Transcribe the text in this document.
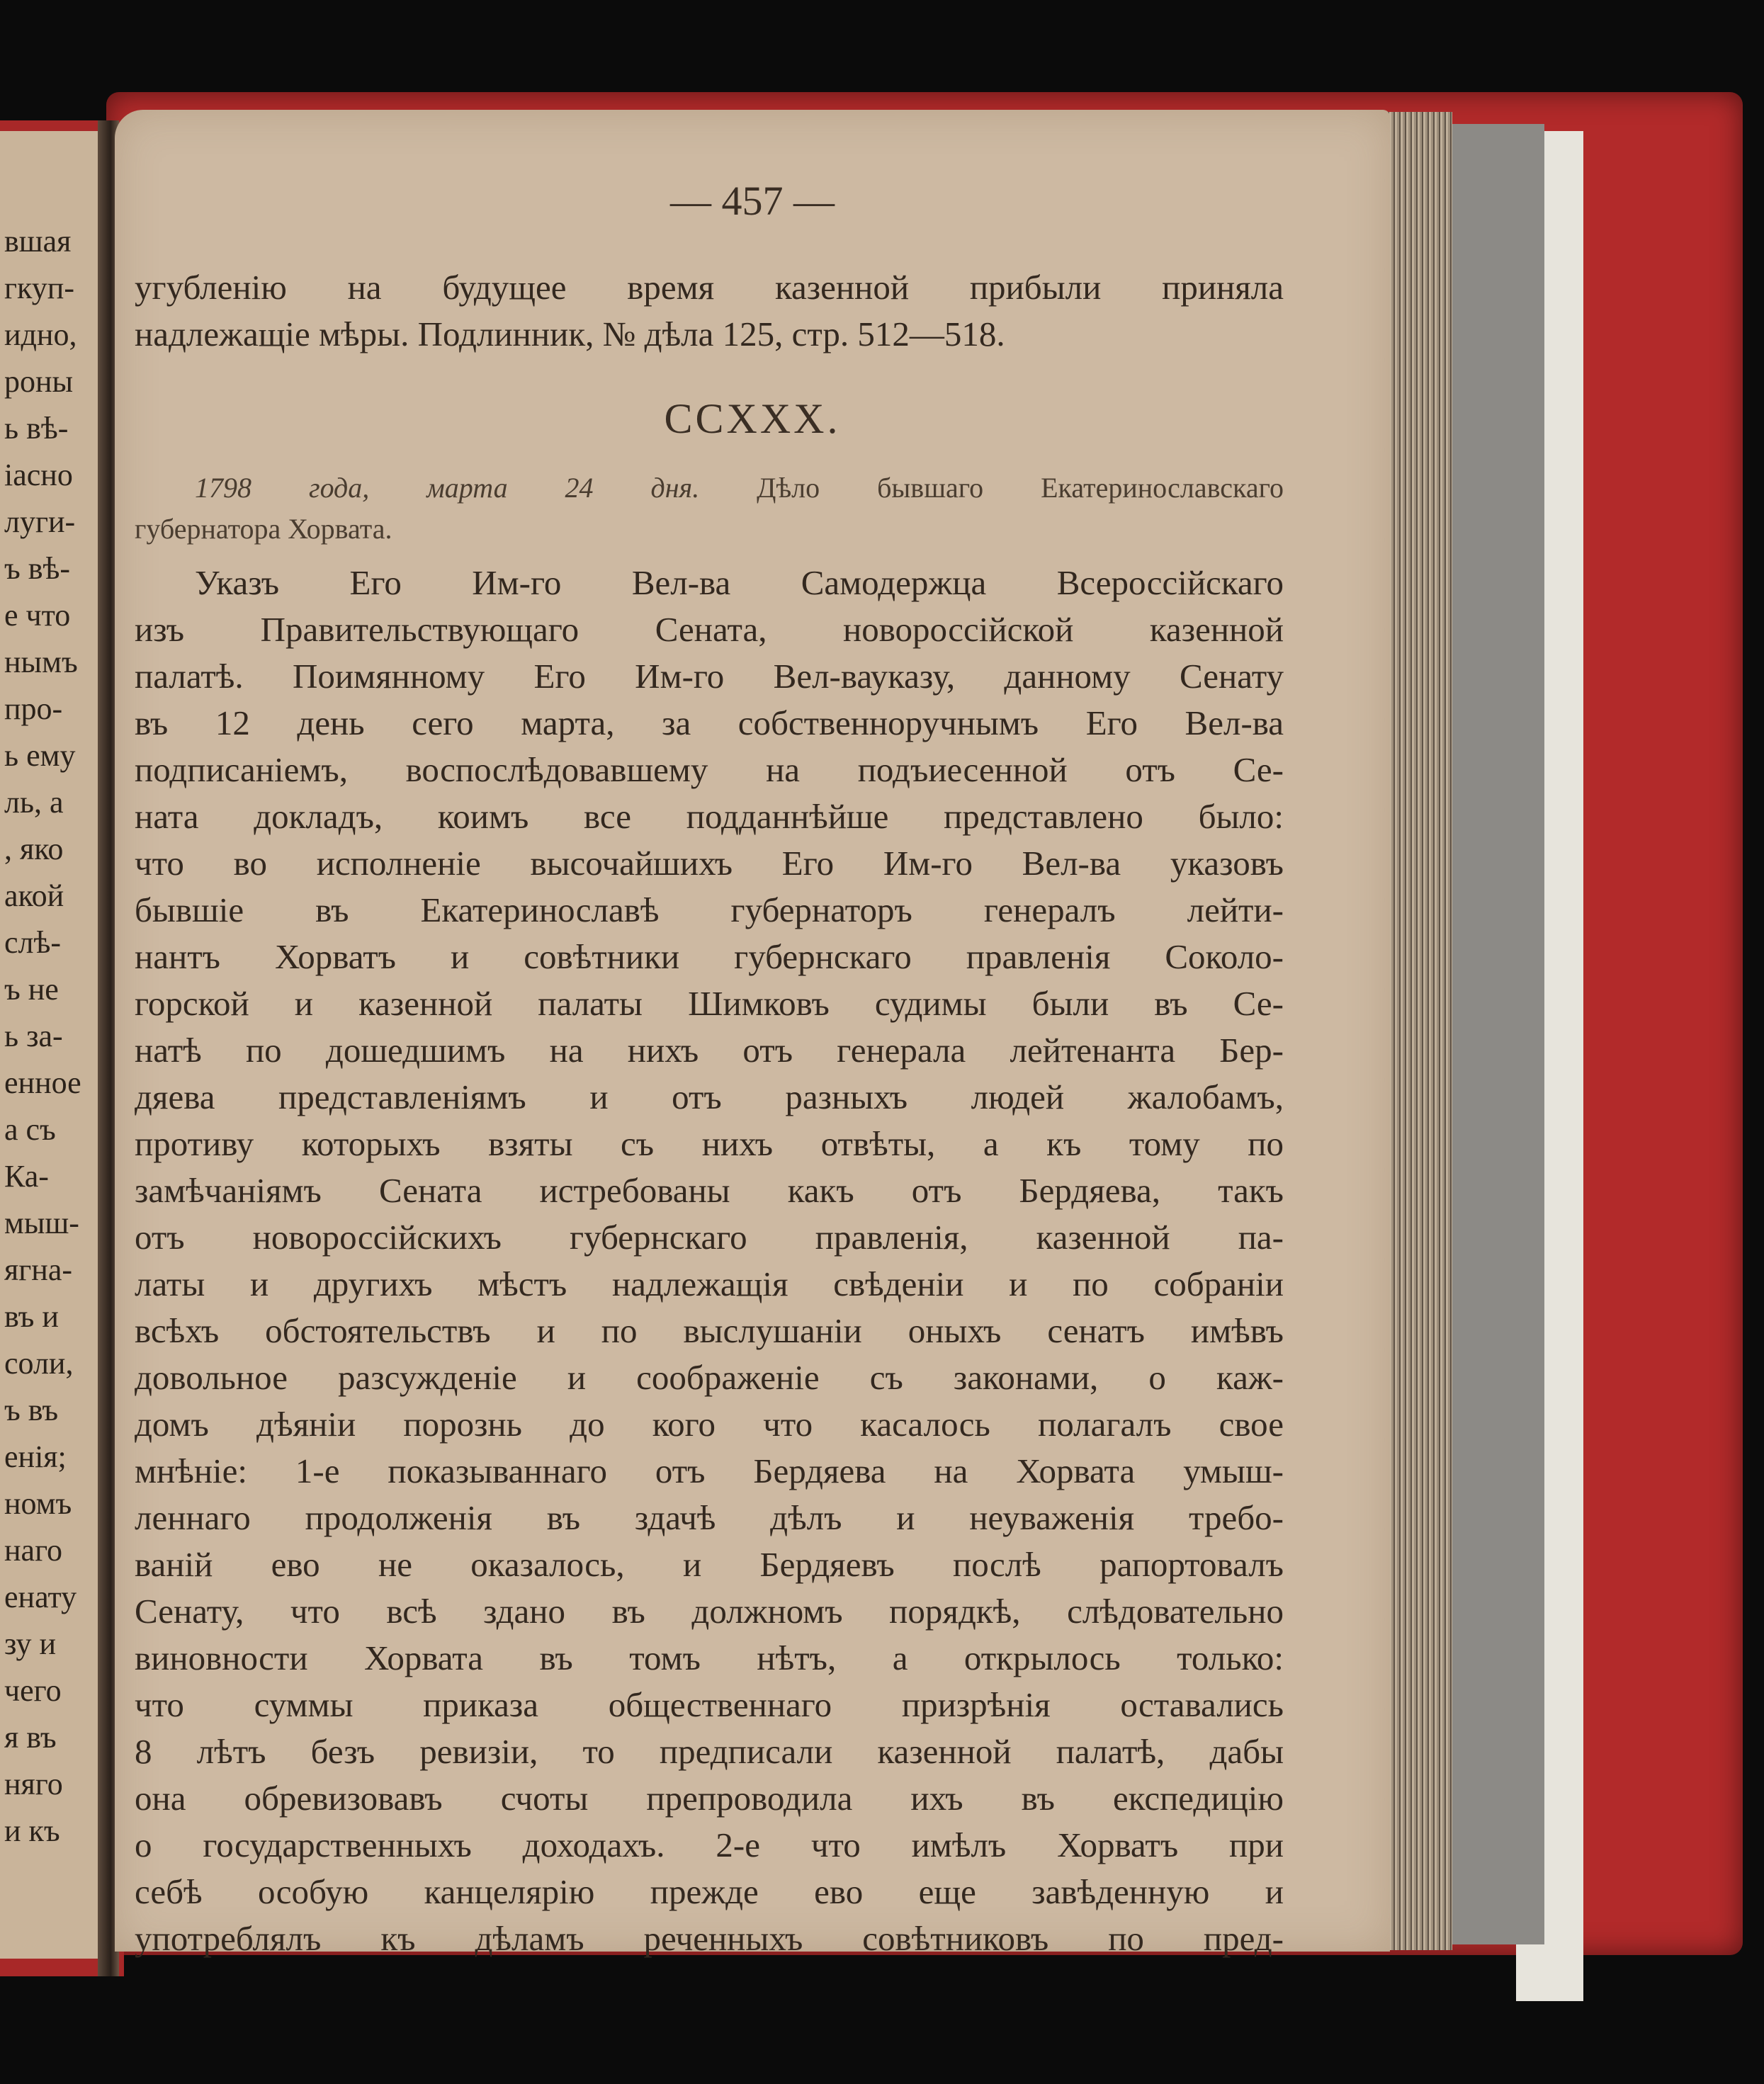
вшая
гкуп-
идно,
роны
ь вѣ-
іасно
луги-
ъ вѣ-
е что
нымъ
про-
ь ему
ль, а
, яко
акой
слѣ-
ъ не
ь за-
енное
а съ
Ка-
мыш-
ягна-
въ и
соли,
ъ въ
енія;
номъ
наго
енату
зу и
чего
я въ
няго
и къ
— 457 —
угубленію на будущее время казенной прибыли приняла
надлежащіе мѣры. Подлинник, № дѣла 125, стр. 512—518.
CCXXX.
1798 года, марта 24 дня. Дѣло бывшаго Екатеринославскаго
губернатора Хорвата.
Указъ Его Им-го Вел-ва Самодержца Всероссійскаго
изъ Правительствующаго Сената, новороссійской казенной
палатѣ. Поимянному Его Им-го Вел-вауказу, данному Сенату
въ 12 день сего марта, за собственноручнымъ Его Вел-ва
подписаніемъ, воспослѣдовавшему на подъиесенной отъ Се-
ната докладъ, коимъ все подданнѣйше представлено было:
что во исполненіе высочайшихъ Его Им-го Вел-ва указовъ
бывшіе въ Екатеринославѣ губернаторъ генералъ лейти-
нантъ Хорватъ и совѣтники губернскаго правленія Соколо-
горской и казенной палаты Шимковъ судимы были въ Се-
натѣ по дошедшимъ на нихъ отъ генерала лейтенанта Бер-
дяева представленіямъ и отъ разныхъ людей жалобамъ,
противу которыхъ взяты съ нихъ отвѣты, а къ тому по
замѣчаніямъ Сената истребованы какъ отъ Бердяева, такъ
отъ новороссійскихъ губернскаго правленія, казенной па-
латы и другихъ мѣстъ надлежащія свѣденіи и по собраніи
всѣхъ обстоятельствъ и по выслушаніи оныхъ сенатъ имѣвъ
довольное разсужденіе и соображеніе съ законами, о каж-
домъ дѣяніи порознь до кого что касалось полагалъ свое
мнѣніе: 1-е показываннаго отъ Бердяева на Хорвата умыш-
леннаго продолженія въ здачѣ дѣлъ и неуваженія требо-
ваній ево не оказалось, и Бердяевъ послѣ рапортовалъ
Сенату, что всѣ здано въ должномъ порядкѣ, слѣдовательно
виновности Хорвата въ томъ нѣтъ, а открылось только:
что суммы приказа общественнаго призрѣнія оставались
8 лѣтъ безъ ревизіи, то предписали казенной палатѣ, дабы
она обревизовавъ счоты препроводила ихъ въ експедицію
о государственныхъ доходахъ. 2-е что имѣлъ Хорватъ при
себѣ особую канцелярію прежде ево еще завѣденную и
употреблялъ къ дѣламъ реченныхъ совѣтниковъ по пред-
